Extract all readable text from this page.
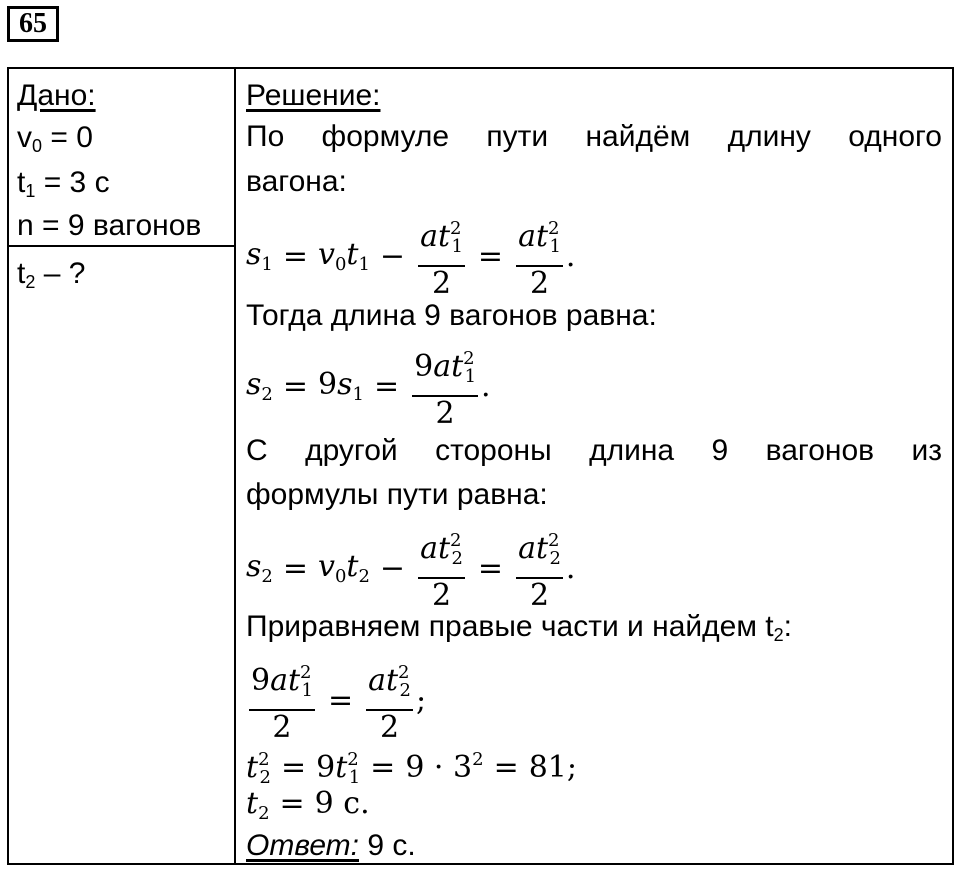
65
Дано:
$v_0 = 0$
$t_1 = 3$ с
n = 9 вагонов
$t_2$ – ?
Решение:
По формуле пути найдём длину одного
вагона:
$s_1 = v_0t_1 - \frac{at^2_1}{2} = \frac{at^2_1}{2}$ .
Тогда длина 9 вагонов равна:
$s_2 = 9s_1 = \frac{9at^2_1}{2}$ .
С другой стороны длина 9 вагонов из
формулы пути равна:
$s_2 = v_0t_2 - \frac{at^2_2}{2} = \frac{at^2_2}{2}$ .
Приравняем правые части и найдем $t_2$:
$\frac{9at^2_1}{2} = \frac{at^2_2}{2}$ ;
$t^2_2 = 9t^2_1 = 9 \cdot 3^2 = 81$;
$t_2 = 9$ с.
Ответ: 9 с.
